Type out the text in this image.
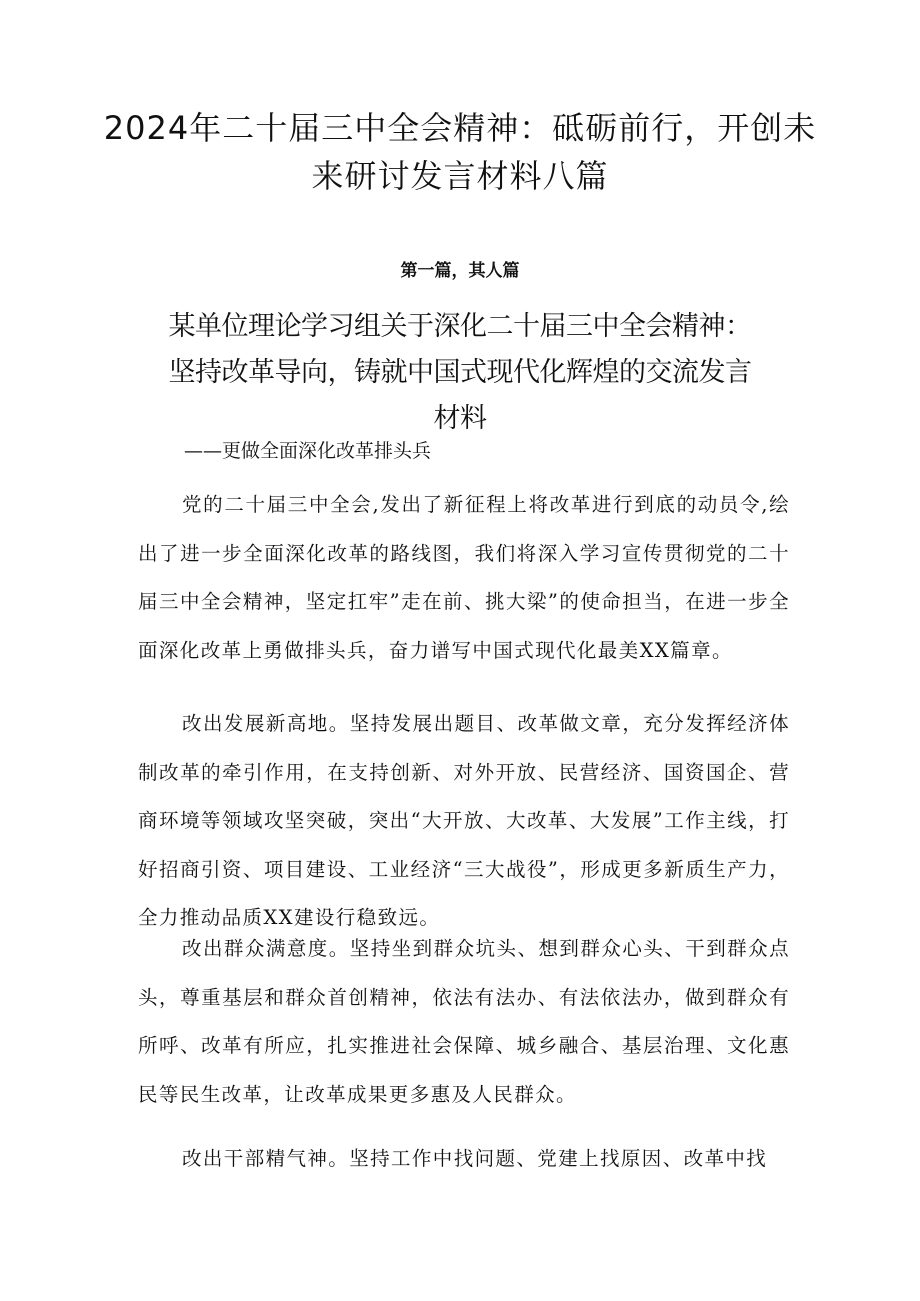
2024年二十届三中全会精神：砥砺前行，开创未来研讨发言材料八篇
第一篇，其人篇
某单位理论学习组关于深化二十届三中全会精神：坚持改革导向，铸就中国式现代化辉煌的交流发言材料
——更做全面深化改革排头兵

党的二十届三中全会,发出了新征程上将改革进行到底的动员令,绘出了进一步全面深化改革的路线图，我们将深入学习宣传贯彻党的二十届三中全会精神，坚定扛牢”走在前、挑大梁”的使命担当，在进一步全面深化改革上勇做排头兵，奋力谱写中国式现代化最美XX篇章。

改出发展新高地。坚持发展出题目、改革做文章，充分发挥经济体制改革的牵引作用，在支持创新、对外开放、民营经济、国资国企、营商环境等领域攻坚突破，突出“大开放、大改革、大发展”工作主线，打好招商引资、项目建设、工业经济“三大战役”，形成更多新质生产力，全力推动品质XX建设行稳致远。

改出群众满意度。坚持坐到群众坑头、想到群众心头、干到群众点头，尊重基层和群众首创精神，依法有法办、有法依法办，做到群众有所呼、改革有所应，扎实推进社会保障、城乡融合、基层治理、文化惠民等民生改革，让改革成果更多惠及人民群众。

改出干部精气神。坚持工作中找问题、党建上找原因、改革中找
